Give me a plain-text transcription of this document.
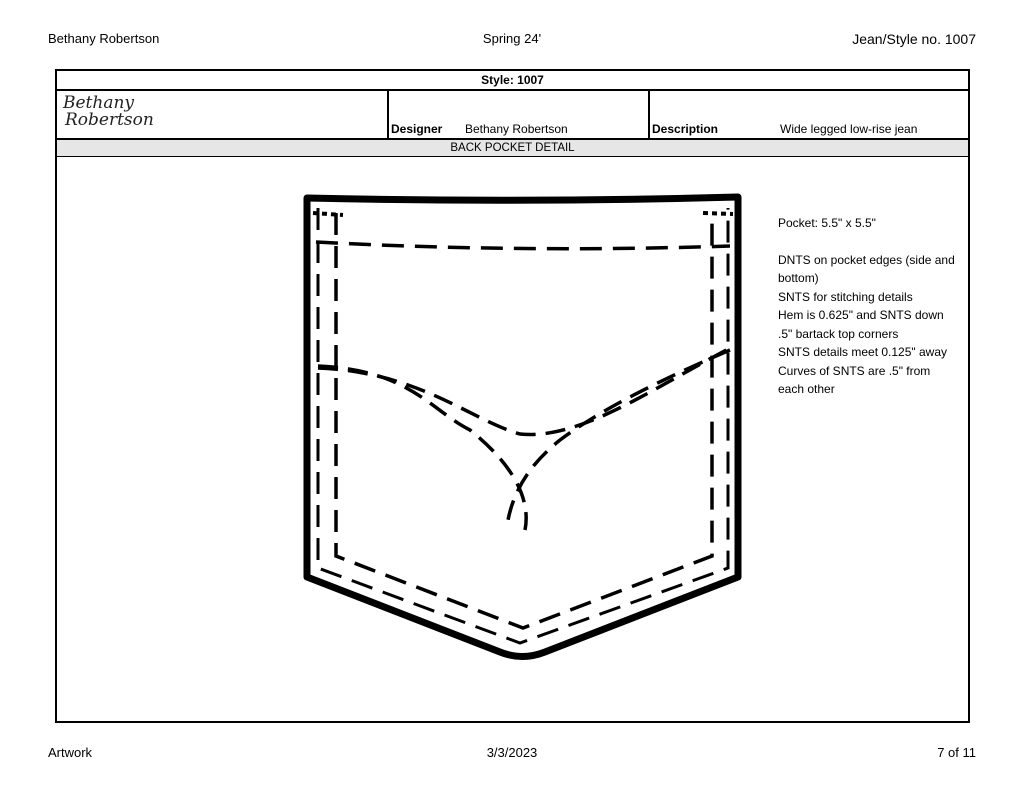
Bethany Robertson	Spring 24'	Jean/Style no. 1007
Style: 1007
Bethany
Robertson	Designer Bethany Robertson	Description	Wide legged low-rise jean
BACK POCKET DETAIL
Pocket: 5.5" x 5.5"
DNTS on pocket edges (side and
bottom)
SNTS for stitching details
Hem is 0.625" and SNTS down
.5" bartack top corners
SNTS details meet 0.125" away
Curves of SNTS are .5" from
each other
Artwork	3/3/2023	7 of 11
